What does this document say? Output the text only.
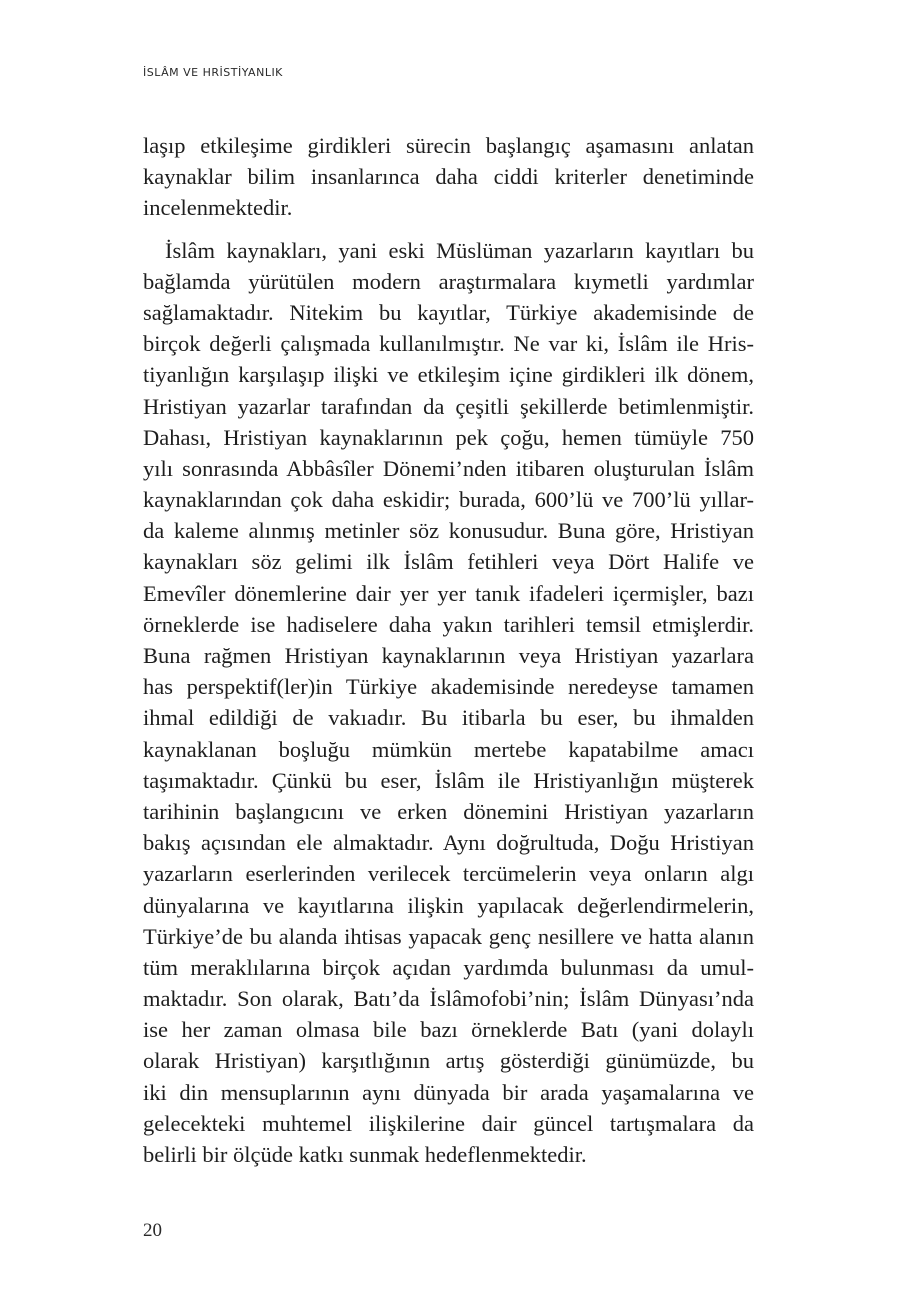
İSLÂM VE HRİSTİYANLIK
laşıp etkileşime girdikleri sürecin başlangıç aşamasını anlatan
kaynaklar bilim insanlarınca daha ciddi kriterler denetiminde
incelenmektedir.
İslâm kaynakları, yani eski Müslüman yazarların kayıtları bu
bağlamda yürütülen modern araştırmalara kıymetli yardımlar
sağlamaktadır. Nitekim bu kayıtlar, Türkiye akademisinde de
birçok değerli çalışmada kullanılmıştır. Ne var ki, İslâm ile Hris-
tiyanlığın karşılaşıp ilişki ve etkileşim içine girdikleri ilk dönem,
Hristiyan yazarlar tarafından da çeşitli şekillerde betimlenmiştir.
Dahası, Hristiyan kaynaklarının pek çoğu, hemen tümüyle 750
yılı sonrasında Abbâsîler Dönemi’nden itibaren oluşturulan İslâm
kaynaklarından çok daha eskidir; burada, 600’lü ve 700’lü yıllar-
da kaleme alınmış metinler söz konusudur. Buna göre, Hristiyan
kaynakları söz gelimi ilk İslâm fetihleri veya Dört Halife ve
Emevîler dönemlerine dair yer yer tanık ifadeleri içermişler, bazı
örneklerde ise hadiselere daha yakın tarihleri temsil etmişlerdir.
Buna rağmen Hristiyan kaynaklarının veya Hristiyan yazarlara
has perspektif(ler)in Türkiye akademisinde neredeyse tamamen
ihmal edildiği de vakıadır. Bu itibarla bu eser, bu ihmalden
kaynaklanan boşluğu mümkün mertebe kapatabilme amacı
taşımaktadır. Çünkü bu eser, İslâm ile Hristiyanlığın müşterek
tarihinin başlangıcını ve erken dönemini Hristiyan yazarların
bakış açısından ele almaktadır. Aynı doğrultuda, Doğu Hristiyan
yazarların eserlerinden verilecek tercümelerin veya onların algı
dünyalarına ve kayıtlarına ilişkin yapılacak değerlendirmelerin,
Türkiye’de bu alanda ihtisas yapacak genç nesillere ve hatta alanın
tüm meraklılarına birçok açıdan yardımda bulunması da umul-
maktadır. Son olarak, Batı’da İslâmofobi’nin; İslâm Dünyası’nda
ise her zaman olmasa bile bazı örneklerde Batı (yani dolaylı
olarak Hristiyan) karşıtlığının artış gösterdiği günümüzde, bu
iki din mensuplarının aynı dünyada bir arada yaşamalarına ve
gelecekteki muhtemel ilişkilerine dair güncel tartışmalara da
belirli bir ölçüde katkı sunmak hedeflenmektedir.
20
